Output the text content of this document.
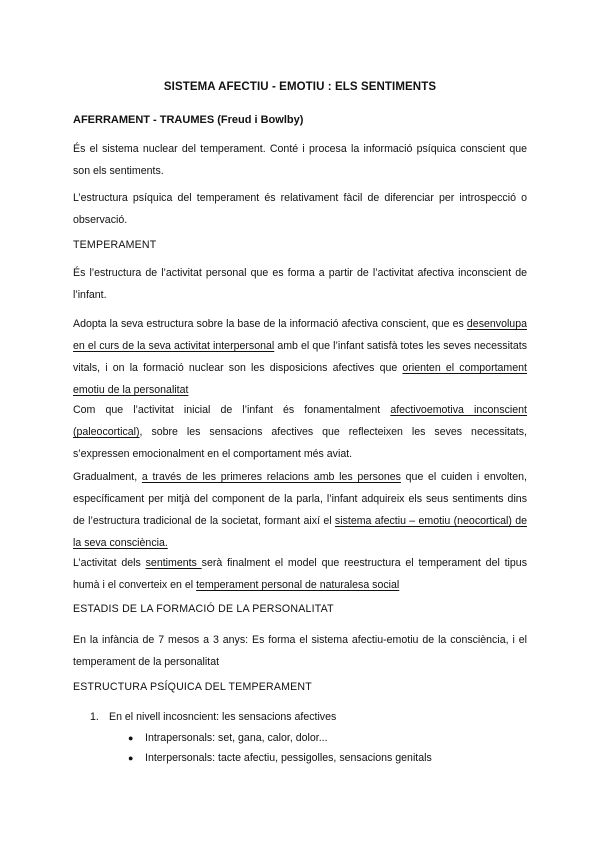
SISTEMA AFECTIU - EMOTIU : ELS SENTIMENTS
AFERRAMENT - TRAUMES (Freud i Bowlby)

És el sistema nuclear del temperament. Conté i procesa la informació psíquica conscient que son els sentiments.

L’estructura psíquica del temperament és relativament fàcil de diferenciar per introspecció o observació.

TEMPERAMENT

És l’estructura de l’activitat personal que es forma a partir de l’activitat afectiva inconscient de l’infant.

Adopta la seva estructura sobre la base de la informació afectiva conscient, que es desenvolupa en el curs de la seva activitat interpersonal amb el que l’infant satisfà totes les seves necessitats vitals, i on la formació nuclear son les disposicions afectives que orienten el comportament emotiu de la personalitat

Com que l’activitat inicial de l’infant és fonamentalment afectivoemotiva inconscient (paleocortical), sobre les sensacions afectives que reflecteixen les seves necessitats, s’expressen emocionalment en el comportament més aviat.

Gradualment, a través de les primeres relacions amb les persones que el cuiden i envolten, específicament per mitjà del component de la parla, l’infant adquireix els seus sentiments dins de l’estructura tradicional de la societat, formant així el sistema afectiu – emotiu (neocortical) de la seva consciència.

L’activitat dels sentiments serà finalment el model que reestructura el temperament del tipus humà i el converteix en el temperament personal de naturalesa social

ESTADIS DE LA FORMACIÓ DE LA PERSONALITAT

En la infància de 7 mesos a 3 anys: Es forma el sistema afectiu-emotiu de la consciència, i el temperament de la personalitat

ESTRUCTURA PSÍQUICA DEL TEMPERAMENT

1. En el nivell incosncient: les sensacions afectives
● Intrapersonals: set, gana, calor, dolor...
● Interpersonals: tacte afectiu, pessigolles, sensacions genitals
